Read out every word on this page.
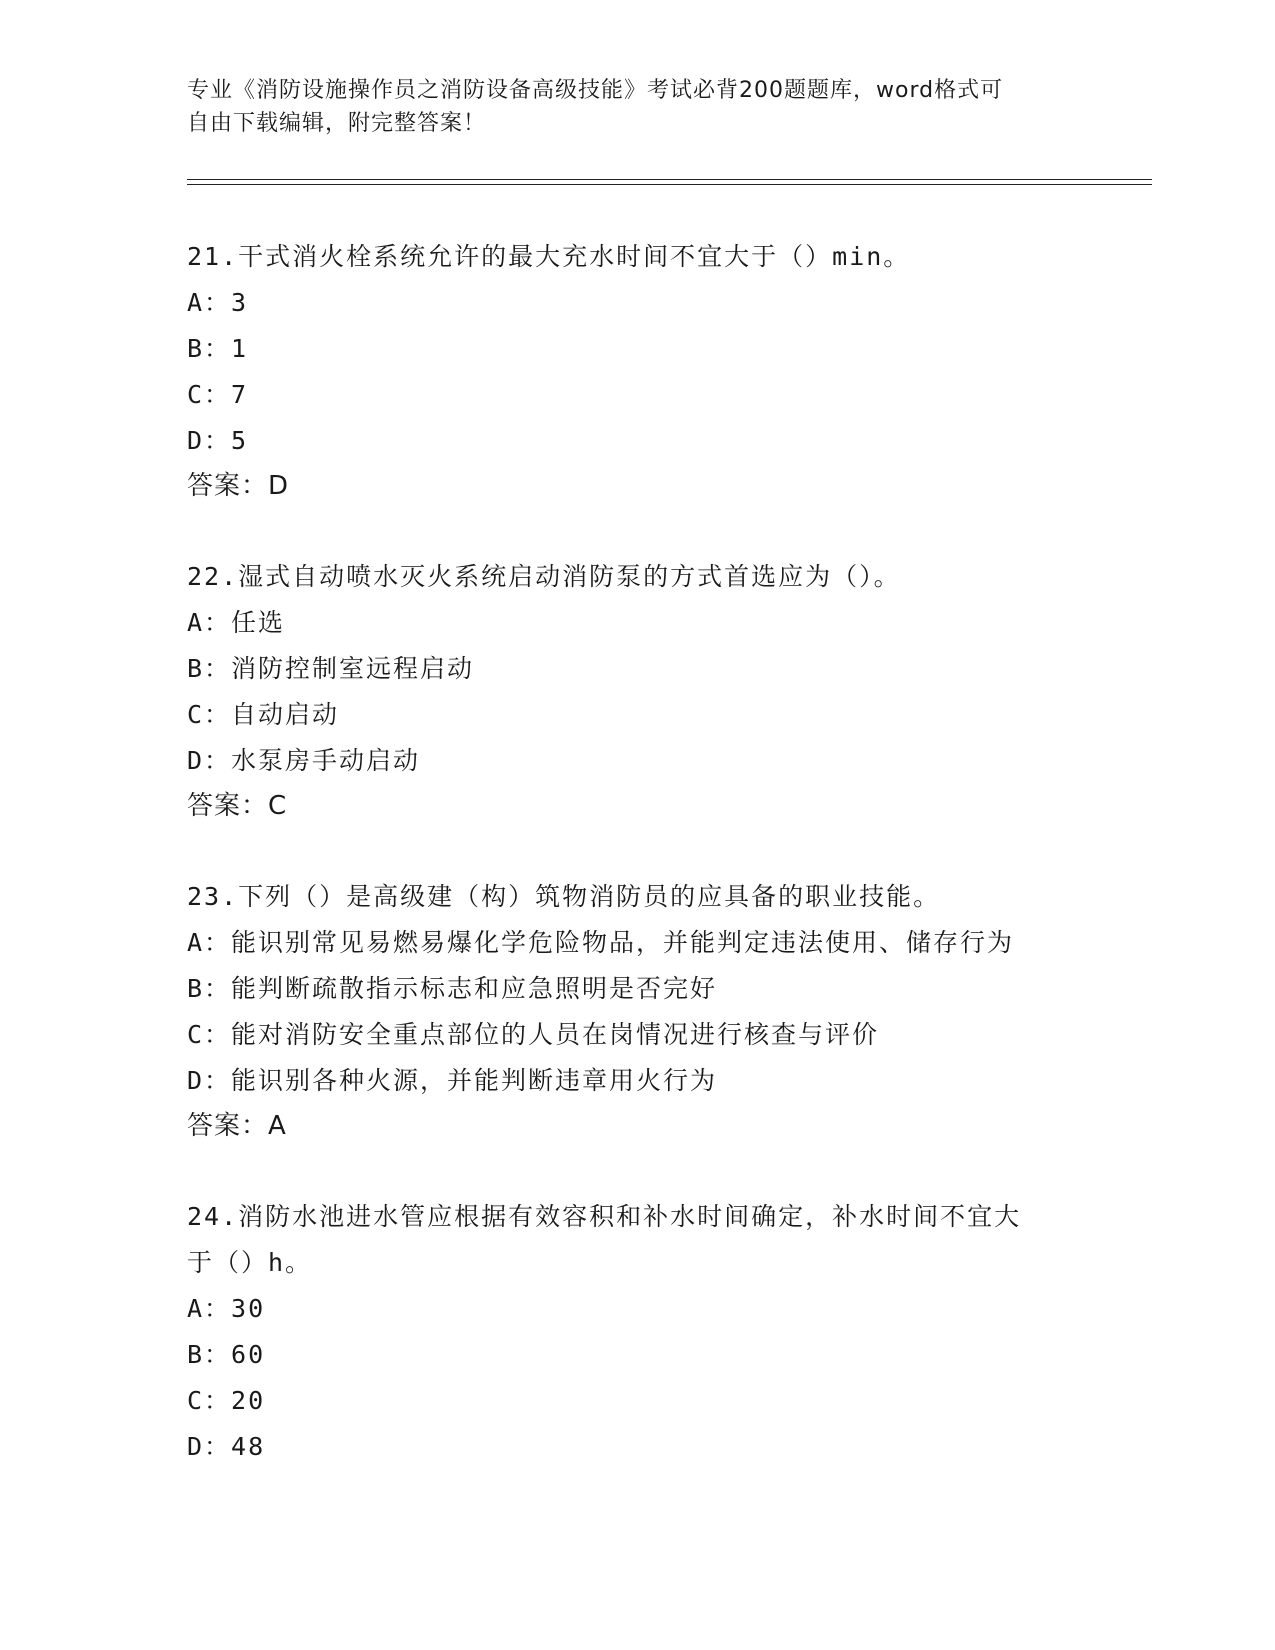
专业《消防设施操作员之消防设备高级技能》考试必背200题题库，word格式可
自由下载编辑，附完整答案！
21.干式消火栓系统允许的最大充水时间不宜大于（）min。
A：3
B：1
C：7
D：5
答案：D
22.湿式自动喷水灭火系统启动消防泵的方式首选应为（）。
A：任选
B：消防控制室远程启动
C：自动启动
D：水泵房手动启动
答案：C
23.下列（）是高级建（构）筑物消防员的应具备的职业技能。
A：能识别常见易燃易爆化学危险物品，并能判定违法使用、储存行为
B：能判断疏散指示标志和应急照明是否完好
C：能对消防安全重点部位的人员在岗情况进行核查与评价
D：能识别各种火源，并能判断违章用火行为
答案：A
24.消防水池进水管应根据有效容积和补水时间确定，补水时间不宜大
于（）h。
A：30
B：60
C：20
D：48
